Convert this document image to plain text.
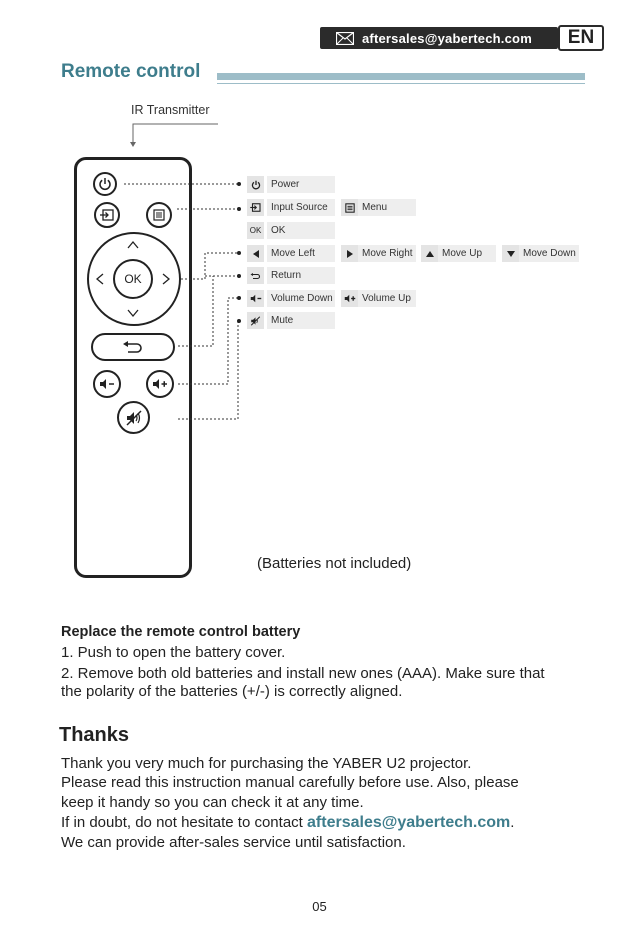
aftersales@yabertech.com	EN
Remote control
IR Transmitter
OK
Power
Input Source	Menu
OK OK
Move Left	Move Right	Move Up	Move Down
Return
Volume Down	Volume Up
Mute
(Batteries not included)
Replace the remote control battery
1. Push to open the battery cover.
2. Remove both old batteries and install new ones (AAA). Make sure that
the polarity of the batteries (+/-) is correctly aligned.
Thanks
Thank you very much for purchasing the YABER U2 projector.
Please read this instruction manual carefully before use. Also, please
keep it handy so you can check it at any time.
If in doubt, do not hesitate to contact aftersales@yabertech.com.
We can provide after-sales service until satisfaction.
05
